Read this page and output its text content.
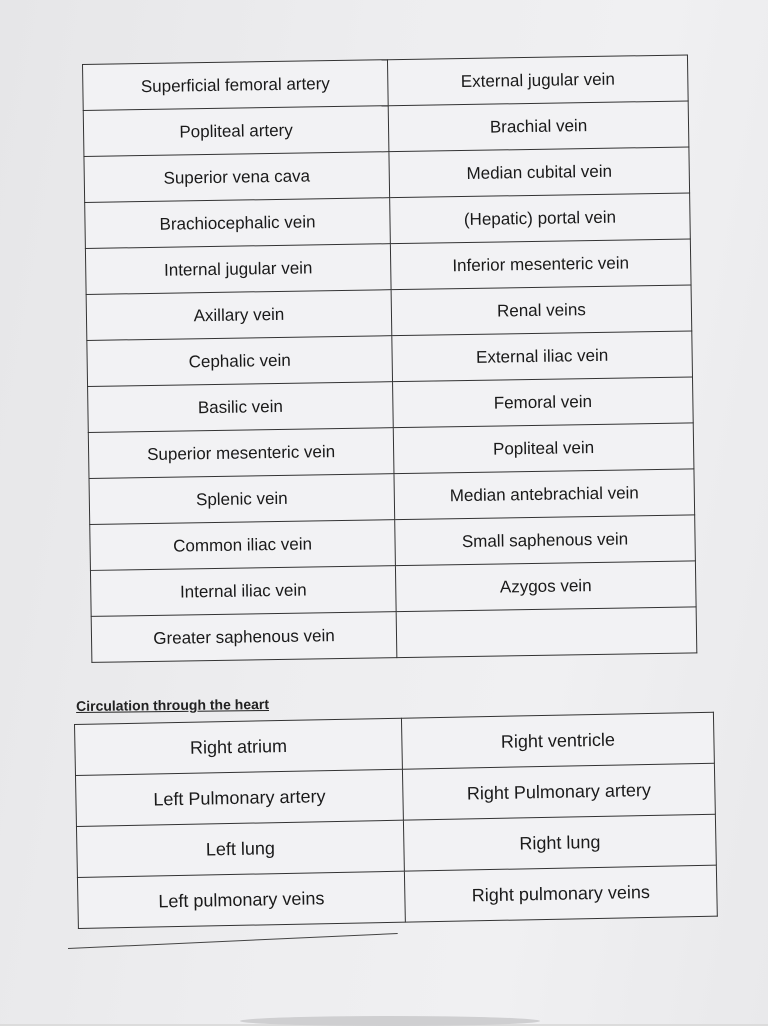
Superficial femoral artery	External jugular vein
Popliteal artery	Brachial vein
Superior vena cava	Median cubital vein
Brachiocephalic vein	(Hepatic) portal vein
Internal jugular vein	Inferior mesenteric vein
Axillary vein	Renal veins
Cephalic vein	External iliac vein
Basilic vein	Femoral vein
Superior mesenteric vein	Popliteal vein
Splenic vein	Median antebrachial vein
Common iliac vein	Small saphenous vein
Internal iliac vein	Azygos vein
Greater saphenous vein	
Circulation through the heart
Right atrium	Right ventricle
Left Pulmonary artery	Right Pulmonary artery
Left lung	Right lung
Left pulmonary veins	Right pulmonary veins
